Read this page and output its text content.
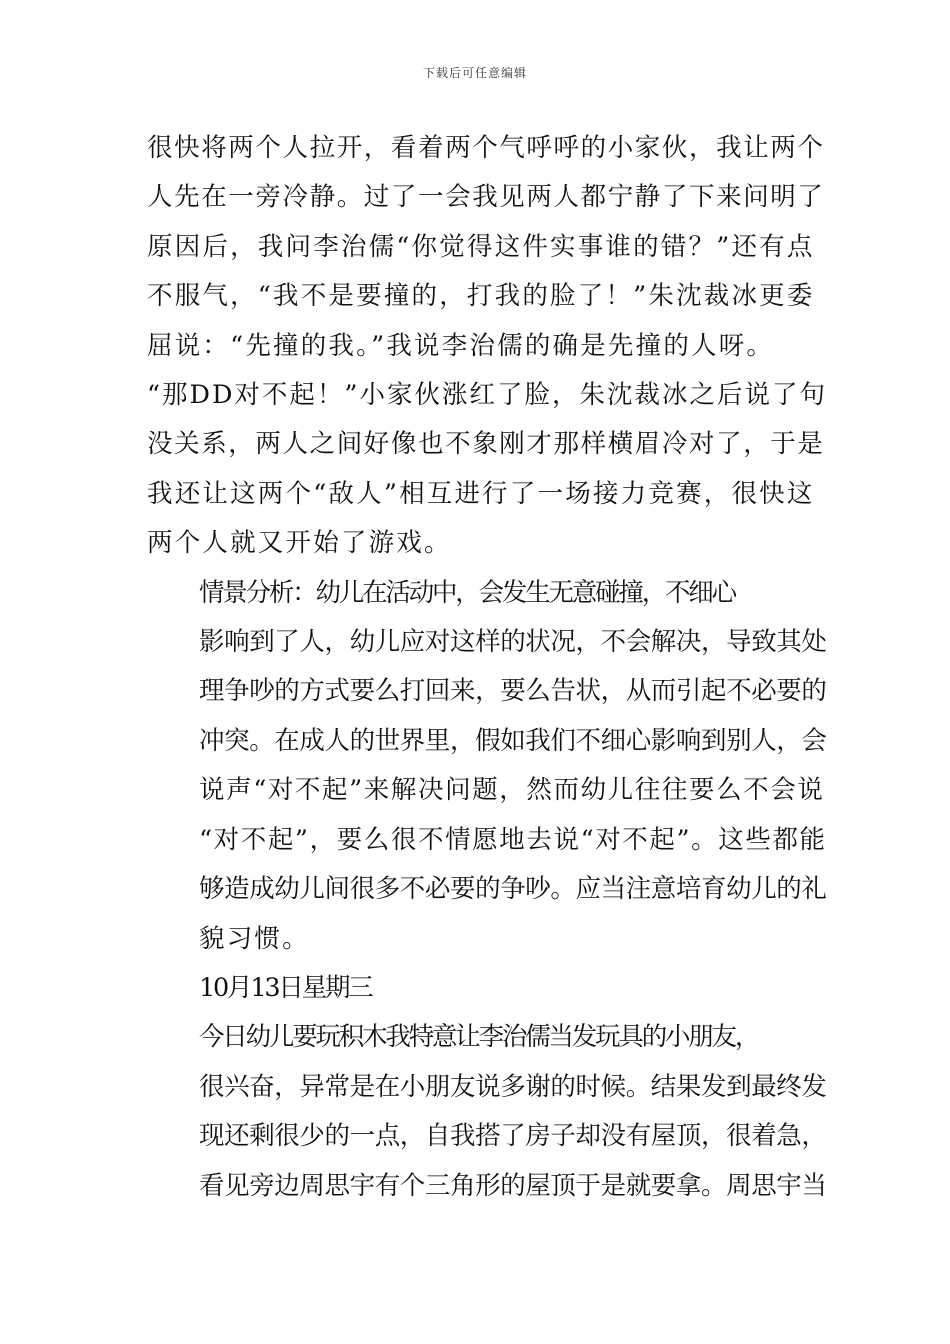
下载后可任意编辑

很快将两个人拉开，看着两个气呼呼的小家伙，我让两个
人先在一旁冷静。过了一会我见两人都宁静了下来问明了
原因后，我问李治儒“你觉得这件实事谁的错？”还有点
不服气，“我不是要撞的，打我的脸了！”朱沈裁冰更委
屈说：“先撞的我。”我说李治儒的确是先撞的人呀。
“那DD对不起！”小家伙涨红了脸，朱沈裁冰之后说了句
没关系，两人之间好像也不象刚才那样横眉冷对了，于是
我还让这两个“敌人”相互进行了一场接力竞赛，很快这
两个人就又开始了游戏。

情景分析：幼儿在活动中，会发生无意碰撞，不细心
影响到了人，幼儿应对这样的状况，不会解决，导致其处
理争吵的方式要么打回来，要么告状，从而引起不必要的
冲突。在成人的世界里，假如我们不细心影响到别人，会
说声“对不起”来解决问题，然而幼儿往往要么不会说
“对不起”，要么很不情愿地去说“对不起”。这些都能
够造成幼儿间很多不必要的争吵。应当注意培育幼儿的礼
貌习惯。

10月13日星期三

今日幼儿要玩积木我特意让李治儒当发玩具的小朋友，
很兴奋，异常是在小朋友说多谢的时候。结果发到最终发
现还剩很少的一点，自我搭了房子却没有屋顶，很着急，
看见旁边周思宇有个三角形的屋顶于是就要拿。周思宇当
